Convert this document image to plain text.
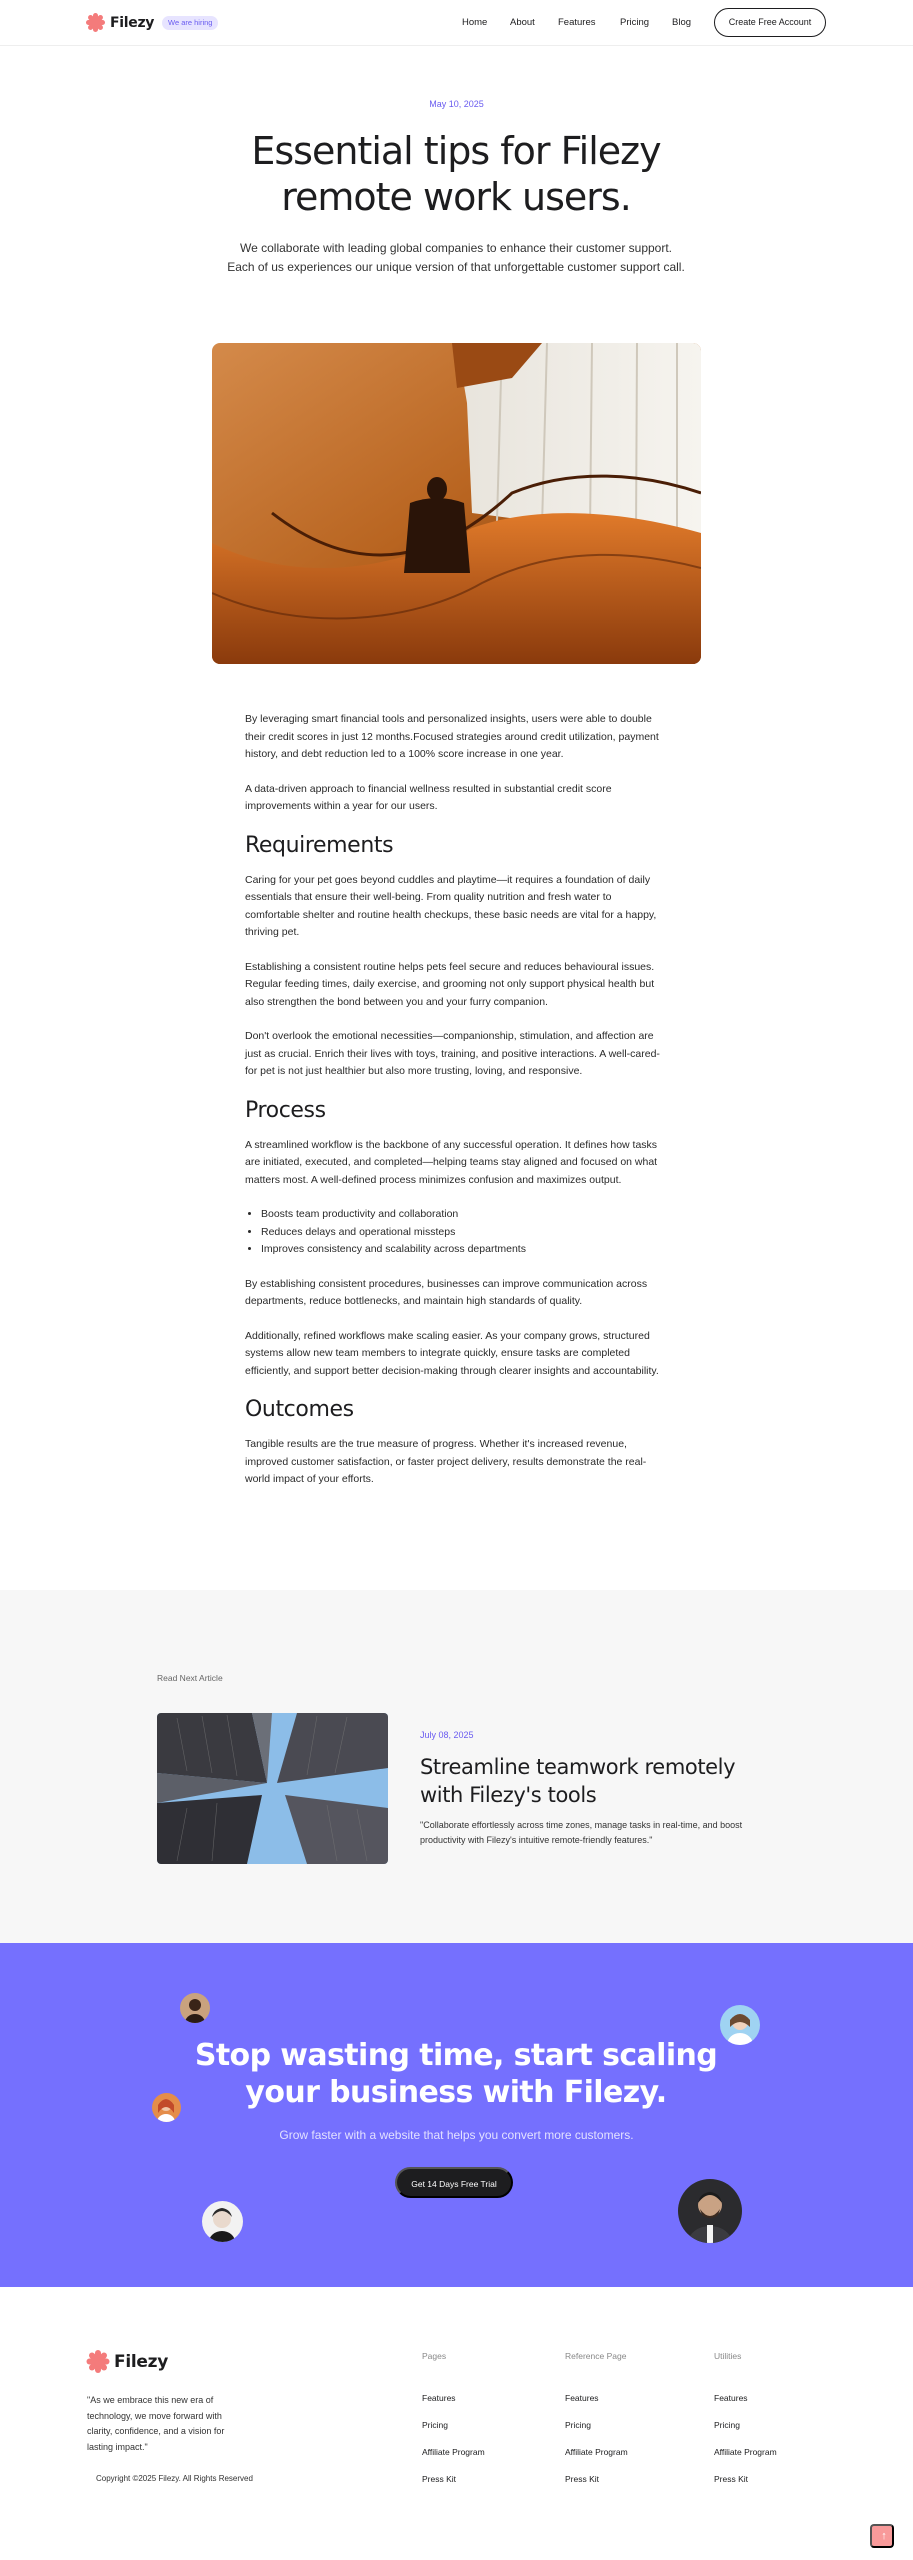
Filezy	We are hiring	Home About Features	Pricing Blog	Create Free Account
May 10, 2025
Essential tips for Filezy remote work users.

We collaborate with leading global companies to enhance their customer support. Each of us experiences our unique version of that unforgettable customer support call.

By leveraging smart financial tools and personalized insights, users were able to double their credit scores in just 12 months.Focused strategies around credit utilization, payment history, and debt reduction led to a 100% score increase in one year.

A data-driven approach to financial wellness resulted in substantial credit score improvements within a year for our users.

Requirements

Caring for your pet goes beyond cuddles and playtime—it requires a foundation of daily essentials that ensure their well-being. From quality nutrition and fresh water to comfortable shelter and routine health checkups, these basic needs are vital for a happy, thriving pet.

Establishing a consistent routine helps pets feel secure and reduces behavioural issues. Regular feeding times, daily exercise, and grooming not only support physical health but also strengthen the bond between you and your furry companion.

Don't overlook the emotional necessities—companionship, stimulation, and affection are just as crucial. Enrich their lives with toys, training, and positive interactions. A well-cared-for pet is not just healthier but also more trusting, loving, and responsive.

Process

A streamlined workflow is the backbone of any successful operation. It defines how tasks are initiated, executed, and completed—helping teams stay aligned and focused on what matters most. A well-defined process minimizes confusion and maximizes output.

• Boosts team productivity and collaboration
• Reduces delays and operational missteps
• Improves consistency and scalability across departments

By establishing consistent procedures, businesses can improve communication across departments, reduce bottlenecks, and maintain high standards of quality.

Additionally, refined workflows make scaling easier. As your company grows, structured systems allow new team members to integrate quickly, ensure tasks are completed efficiently, and support better decision-making through clearer insights and accountability.

Outcomes

Tangible results are the true measure of progress. Whether it's increased revenue, improved customer satisfaction, or faster project delivery, results demonstrate the real-world impact of your efforts.

Read Next Article
July 08, 2025
Streamline teamwork remotely with Filezy's tools

"Collaborate effortlessly across time zones, manage tasks in real-time, and boost productivity with Filezy's intuitive remote-friendly features."

Stop wasting time, start scaling your business with Filezy.

Grow faster with a website that helps you convert more customers.

Get 14 Days Free Trial
Filezy

"As we embrace this new era of technology, we move forward with clarity, confidence, and a vision for lasting impact."

Copyright ©2025 Filezy. All Rights Reserved

Pages
Features
Pricing
Affiliate Program
Press Kit
Reference Page
Features
Pricing
Affiliate Program
Press Kit
Utilities
Features
Pricing
Affiliate Program
Press Kit
↑
